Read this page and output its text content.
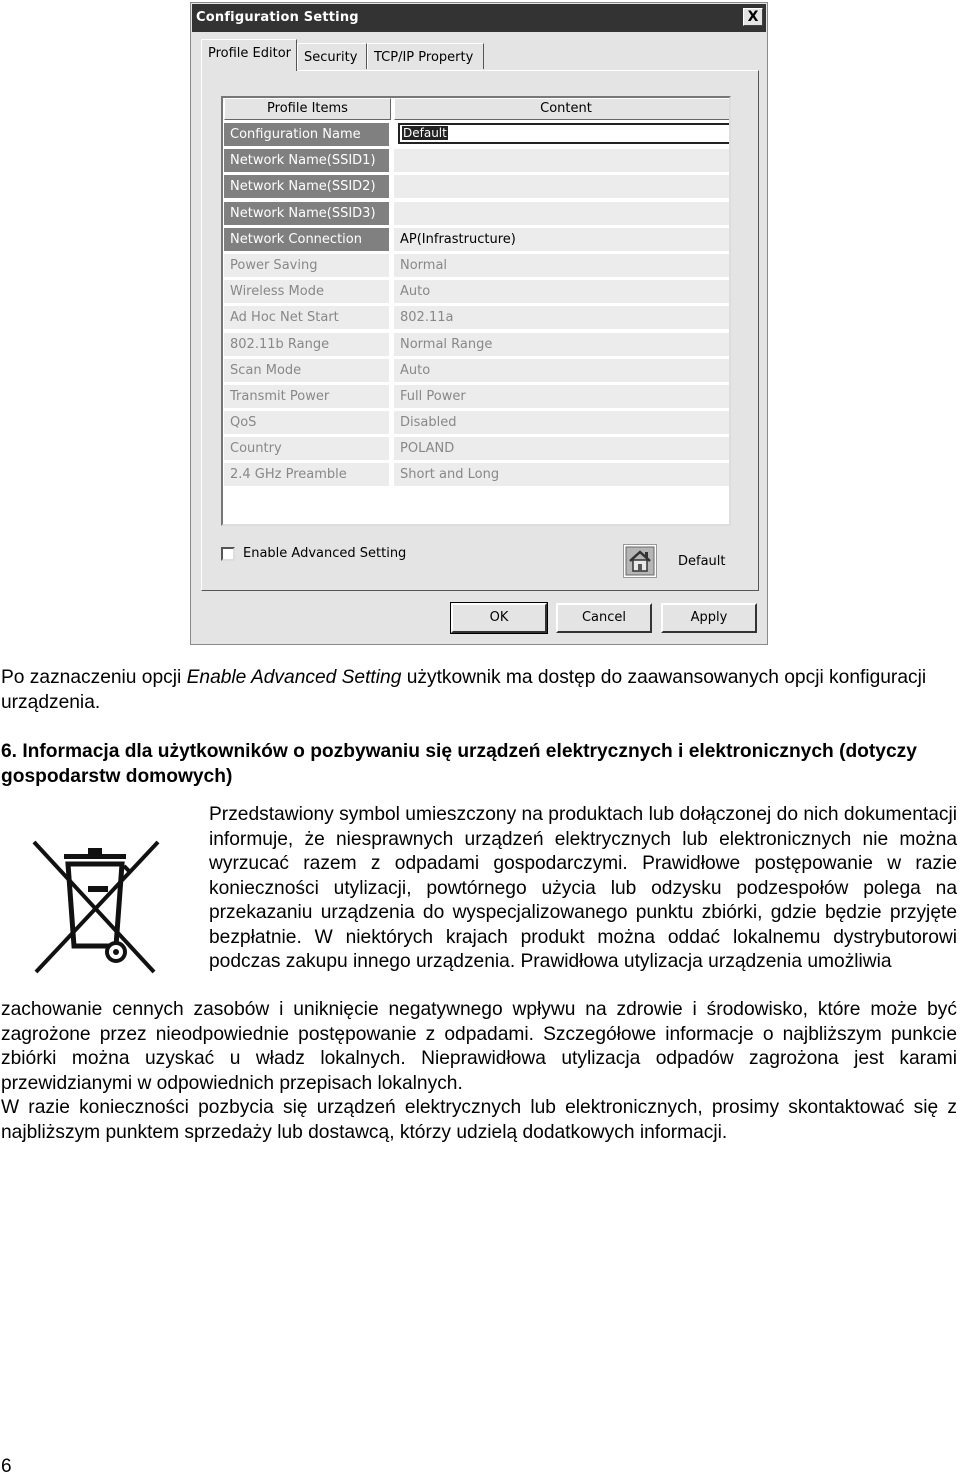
Configuration Setting	X
Profile Editor Security	TCP/IP Property
Profile Items	Content
Configuration Name	Default
Network Name(SSID1)
Network Name(SSID2)
Network Name(SSID3)
Network Connection	AP(Infrastructure)
Power Saving	Normal
Wireless Mode	Auto
Ad Hoc Net Start	802.11a
802.11b Range	Normal Range
Scan Mode	Auto
Transmit Power	Full Power
QoS	Disabled
Country	POLAND
2.4 GHz Preamble	Short and Long
Enable Advanced Setting
Default
OK	Cancel	Apply
Po zaznaczeniu opcji Enable Advanced Setting użytkownik ma dostęp do zaawansowanych opcji konfiguracji urządzenia.
6. Informacja dla użytkowników o pozbywaniu się urządzeń elektrycznych i elektronicznych (dotyczy gospodarstw domowych)
Przedstawiony symbol umieszczony na produktach lub dołączonej do nich dokumentacji informuje, że niesprawnych urządzeń elektrycznych lub elektronicznych nie można wyrzucać razem z odpadami gospodarczymi. Prawidłowe postępowanie w razie konieczności utylizacji, powtórnego użycia lub odzysku podzespołów polega na przekazaniu urządzenia do wyspecjalizowanego punktu zbiórki, gdzie będzie przyjęte bezpłatnie. W niektórych krajach produkt można oddać lokalnemu dystrybutorowi podczas zakupu innego urządzenia. Prawidłowa utylizacja urządzenia umożliwia
zachowanie cennych zasobów i uniknięcie negatywnego wpływu na zdrowie i środowisko, które może być zagrożone przez nieodpowiednie postępowanie z odpadami. Szczegółowe informacje o najbliższym punkcie zbiórki można uzyskać u władz lokalnych. Nieprawidłowa utylizacja odpadów zagrożona jest karami przewidzianymi w odpowiednich przepisach lokalnych.
W razie konieczności pozbycia się urządzeń elektrycznych lub elektronicznych, prosimy skontaktować się z najbliższym punktem sprzedaży lub dostawcą, którzy udzielą dodatkowych informacji.
6
